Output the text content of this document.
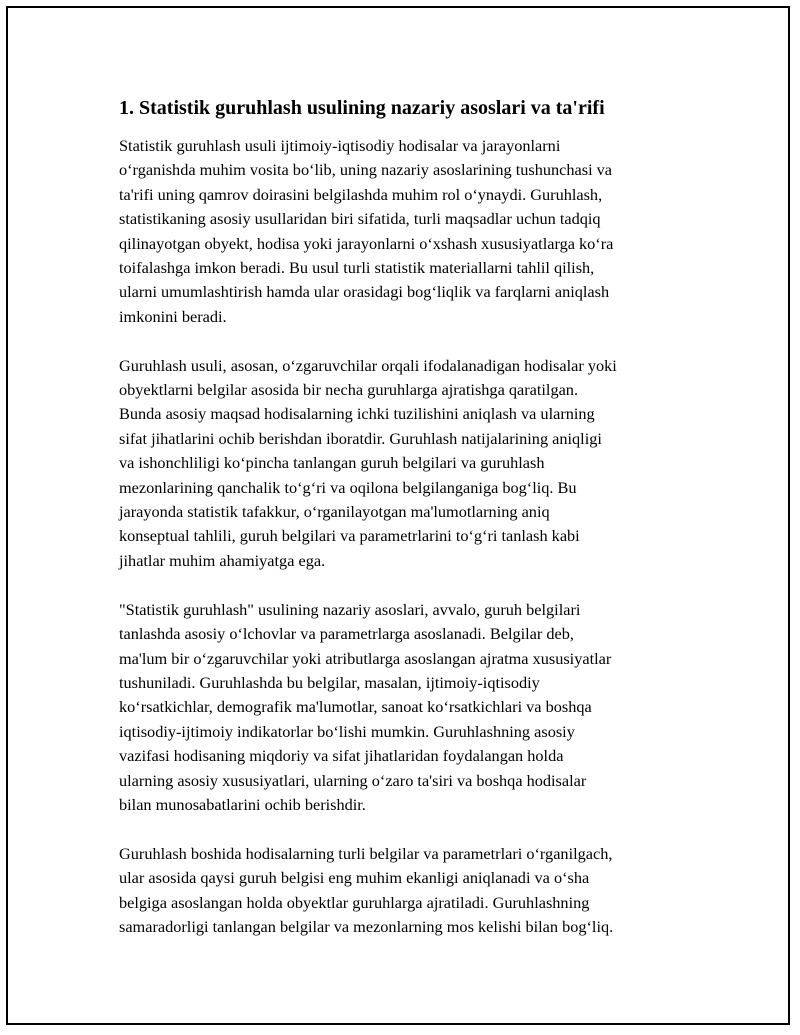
1. Statistik guruhlash usulining nazariy asoslari va ta'rifi

Statistik guruhlash usuli ijtimoiy-iqtisodiy hodisalar va jarayonlarni
o‘rganishda muhim vosita bo‘lib, uning nazariy asoslarining tushunchasi va
ta'rifi uning qamrov doirasini belgilashda muhim rol o‘ynaydi. Guruhlash,
statistikaning asosiy usullaridan biri sifatida, turli maqsadlar uchun tadqiq
qilinayotgan obyekt, hodisa yoki jarayonlarni o‘xshash xususiyatlarga ko‘ra
toifalashga imkon beradi. Bu usul turli statistik materiallarni tahlil qilish,
ularni umumlashtirish hamda ular orasidagi bog‘liqlik va farqlarni aniqlash
imkonini beradi.

Guruhlash usuli, asosan, o‘zgaruvchilar orqali ifodalanadigan hodisalar yoki
obyektlarni belgilar asosida bir necha guruhlarga ajratishga qaratilgan.
Bunda asosiy maqsad hodisalarning ichki tuzilishini aniqlash va ularning
sifat jihatlarini ochib berishdan iboratdir. Guruhlash natijalarining aniqligi
va ishonchliligi ko‘pincha tanlangan guruh belgilari va guruhlash
mezonlarining qanchalik to‘g‘ri va oqilona belgilanganiga bog‘liq. Bu
jarayonda statistik tafakkur, o‘rganilayotgan ma'lumotlarning aniq
konseptual tahlili, guruh belgilari va parametrlarini to‘g‘ri tanlash kabi
jihatlar muhim ahamiyatga ega.

"Statistik guruhlash" usulining nazariy asoslari, avvalo, guruh belgilari
tanlashda asosiy o‘lchovlar va parametrlarga asoslanadi. Belgilar deb,
ma'lum bir o‘zgaruvchilar yoki atributlarga asoslangan ajratma xususiyatlar
tushuniladi. Guruhlashda bu belgilar, masalan, ijtimoiy-iqtisodiy
ko‘rsatkichlar, demografik ma'lumotlar, sanoat ko‘rsatkichlari va boshqa
iqtisodiy-ijtimoiy indikatorlar bo‘lishi mumkin. Guruhlashning asosiy
vazifasi hodisaning miqdoriy va sifat jihatlaridan foydalangan holda
ularning asosiy xususiyatlari, ularning o‘zaro ta'siri va boshqa hodisalar
bilan munosabatlarini ochib berishdir.

Guruhlash boshida hodisalarning turli belgilar va parametrlari o‘rganilgach,
ular asosida qaysi guruh belgisi eng muhim ekanligi aniqlanadi va o‘sha
belgiga asoslangan holda obyektlar guruhlarga ajratiladi. Guruhlashning
samaradorligi tanlangan belgilar va mezonlarning mos kelishi bilan bog‘liq.
